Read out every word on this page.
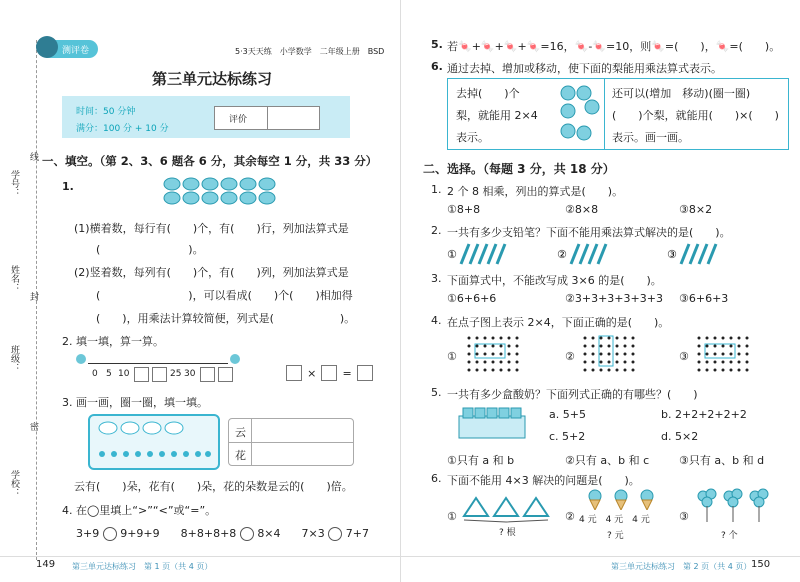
学号：
线
姓名：
封
班级：
密
学校：
测评卷	5·3天天练　小学数学　二年级上册　BSD
第三单元达标练习
时间：50 分钟
满分：100 分 + 10 分
评价
一、填空。（第 2、3、6 题各 6 分，其余每空 1 分，共 33 分）
1.
(1)横着数，每行有(　　)个，有(　　)行，列加法算式是
(　　　　　　　　)。
(2)竖着数，每列有(　　)个，有(　　)列，列加法算式是
(　　　　　　　　)，可以看成(　　)个(　　)相加得
(　　)，用乘法计算较简便，列式是(　　　　　　)。
2. 填一填，算一算。
0 5 10	25 30	× =
3. 画一画，圈一圈，填一填。
云
花
云有(　　)朵，花有(　　)朵，花的朵数是云的(　　)倍。
4. 在◯里填上“>”“<”或“=”。
3+9 9+9+9 8+8+8+8 8×4 7×3 7+7
149 第三单元达标练习　第 1 页（共 4 页）
5. 若🍬+🍬+🍬+🍬=16，🍬-🍬=10，则🍬=(　　)，🍬=(　　)。
6. 通过去掉、增加或移动，使下面的梨能用乘法算式表示。
去掉(　　)个
梨，就能用 2×4
表示。
还可以(增加　移动)(圈一圈)
(　　)个梨，就能用(　　)×(　　)
表示。画一画。
二、选择。（每题 3 分，共 18 分）
1. 2 个 8 相乘，列出的算式是(　　)。
①8+8	②8×8	③8×2
2. 一共有多少支铅笔？下面不能用乘法算式解决的是(　　)。
①	②	③
3. 下面算式中，不能改写成 3×6 的是(　　)。
①6+6+6	②3+3+3+3+3+3 ③6+6+3
4. 在点子图上表示 2×4，下面正确的是(　　)。
①	②	③
5. 一共有多少盒酸奶？下面列式正确的有哪些？(　　)
a. 5+5	b. 2+2+2+2+2
c. 5+2	d. 5×2
①只有 a 和 b	②只有 a、b 和 c	③只有 a、b 和 d
6. 下面不能用 4×3 解决的问题是(　　)。
①
? 根
② 4 元　4 元　4 元
? 元
③
? 个
第三单元达标练习　第 2 页（共 4 页） 150
